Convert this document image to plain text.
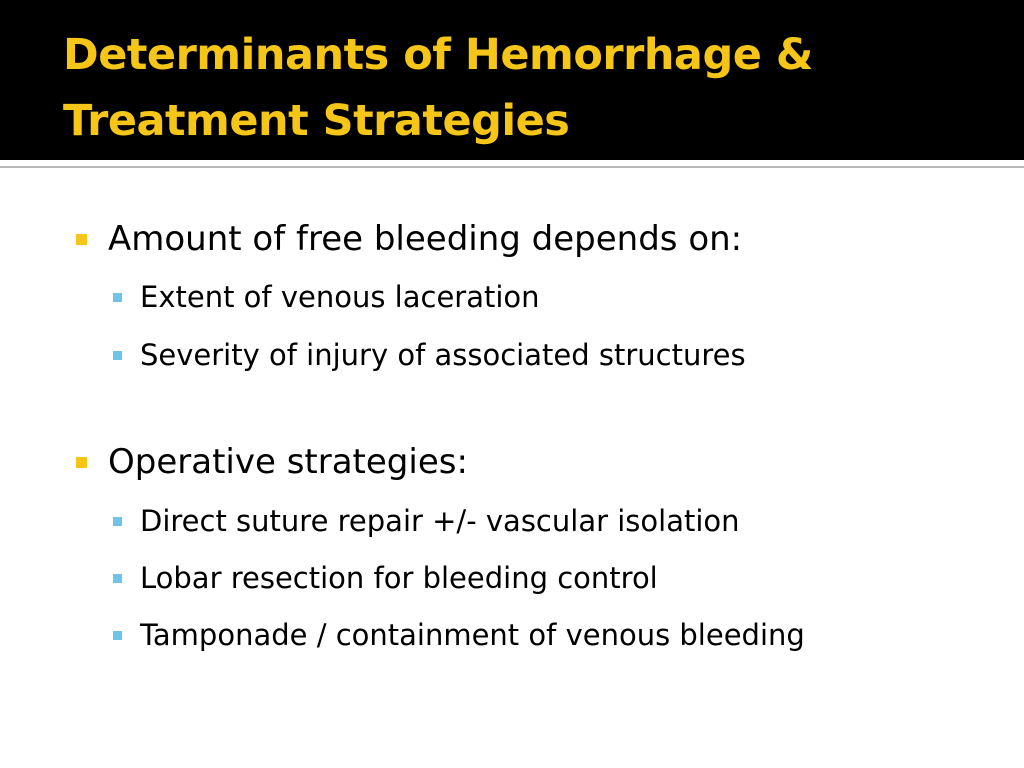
Determinants of Hemorrhage & Treatment Strategies
Amount of free bleeding depends on:
Extent of venous laceration
Severity of injury of associated structures
Operative strategies:
Direct suture repair +/- vascular isolation
Lobar resection for bleeding control
Tamponade / containment of venous bleeding
